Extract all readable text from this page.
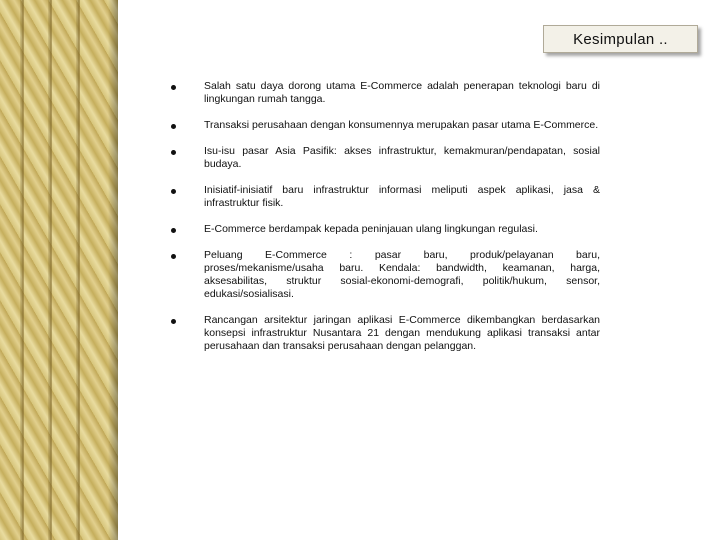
Kesimpulan ..
Salah satu daya dorong utama E-Commerce adalah penerapan teknologi baru di lingkungan rumah tangga.
Transaksi perusahaan dengan konsumennya merupakan pasar utama E-Commerce.
Isu-isu pasar Asia Pasifik: akses infrastruktur, kemakmuran/pendapatan, sosial budaya.
Inisiatif-inisiatif baru infrastruktur informasi meliputi aspek aplikasi, jasa & infrastruktur fisik.
E-Commerce berdampak kepada peninjauan ulang lingkungan regulasi.
Peluang E-Commerce : pasar baru, produk/pelayanan baru, proses/mekanisme/usaha baru. Kendala: bandwidth, keamanan, harga, aksesabilitas, struktur sosial-ekonomi-demografi, politik/hukum, sensor, edukasi/sosialisasi.
Rancangan arsitektur jaringan aplikasi E-Commerce dikembangkan berdasarkan konsepsi infrastruktur Nusantara 21 dengan mendukung aplikasi transaksi antar perusahaan dan transaksi perusahaan dengan pelanggan.
